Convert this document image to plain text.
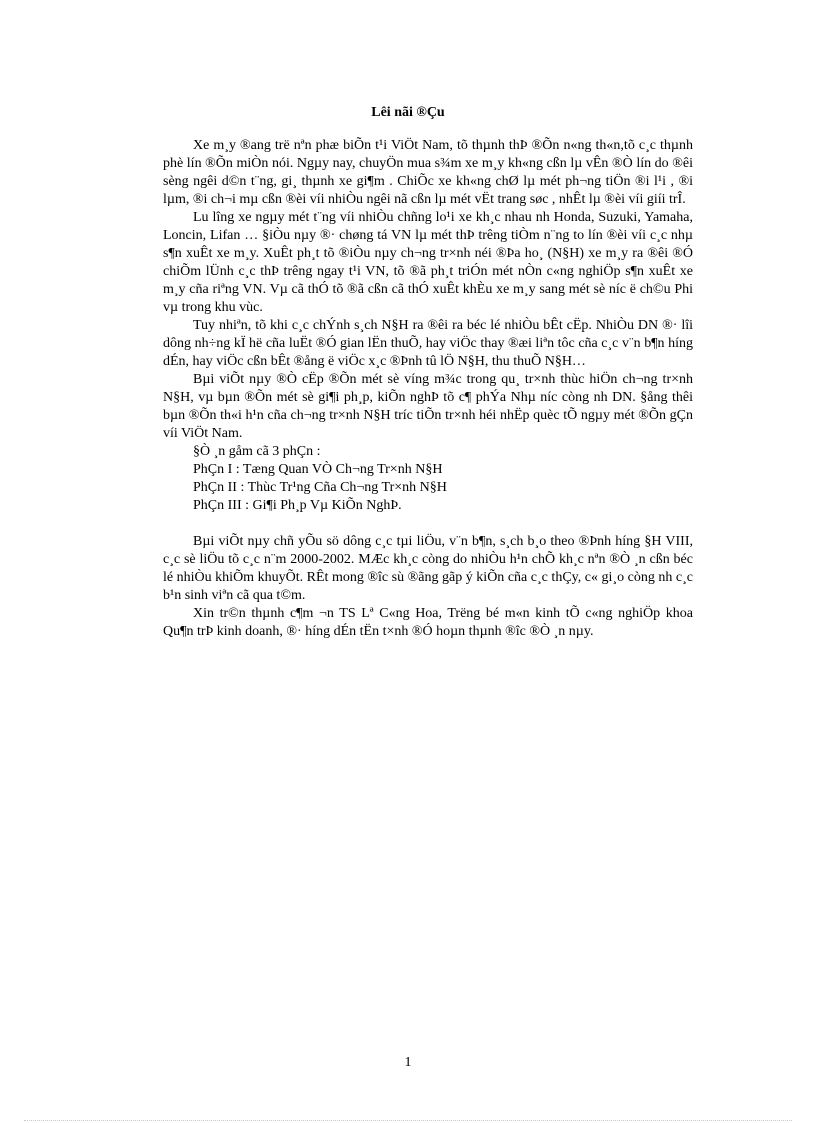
Lêi nãi ®Çu

Xe m¸y ®ang trë nªn phæ biÕn t¹i ViÖt Nam, tõ thµnh thÞ ®Õn n«ng th«n,tõ c¸c thµnh phè lín ®Õn miÒn nói. Ngµy nay, chuyÖn mua s¾m xe m¸y kh«ng cßn lµ vÊn ®Ò lín do ®êi sèng ngêi d©n t¨ng, gi¸ thµnh xe gi¶m . ChiÕc xe kh«ng chØ lµ mét ph¬ng tiÖn ®i l¹i , ®i lµm, ®i ch¬i mµ cßn ®èi víi nhiÒu ngêi nã cßn lµ mét vËt trang søc , nhÊt lµ ®èi víi giíi trÎ.

Lu lîng xe ngµy mét t¨ng víi nhiÒu chñng lo¹i xe kh¸c nhau nh Honda, Suzuki, Yamaha, Loncin, Lifan … §iÒu nµy ®· chøng tá VN lµ mét thÞ trêng tiÒm n¨ng to lín ®èi víi c¸c nhµ s¶n xuÊt xe m¸y. XuÊt ph¸t tõ ®iÒu nµy ch¬ng tr×nh néi ®Þa ho¸ (N§H) xe m¸y ra ®êi ®Ó chiÕm lÜnh c¸c thÞ trêng ngay t¹i VN, tõ ®ã ph¸t triÓn mét nÒn c«ng nghiÖp s¶n xuÊt xe m¸y cña riªng VN. Vµ cã thÓ tõ ®ã cßn cã thÓ xuÊt khÈu xe m¸y sang mét sè níc ë ch©u Phi vµ trong khu vùc.

Tuy nhiªn, tõ khi c¸c chÝnh s¸ch N§H ra ®êi ra béc lé nhiÒu bÊt cËp. NhiÒu DN ®· lîi dông nh÷ng kÏ hë cña luËt ®Ó gian lËn thuÕ, hay viÖc thay ®æi liªn tôc cña c¸c v¨n b¶n híng dÉn, hay viÖc cßn bÊt ®ång ë viÖc x¸c ®Þnh tû lÖ N§H, thu thuÕ N§H…

Bµi viÕt nµy ®Ò cËp ®Õn mét sè víng m¾c trong qu¸ tr×nh thùc hiÖn ch¬ng tr×nh N§H, vµ bµn ®Õn mét sè gi¶i ph¸p, kiÕn nghÞ tõ c¶ phÝa Nhµ níc còng nh DN. §ång thêi bµn ®Õn th«i h¹n cña ch¬ng tr×nh N§H tríc tiÕn tr×nh héi nhËp quèc tÕ ngµy mét ®Õn gÇn víi ViÖt Nam.

§Ò ¸n gåm cã 3 phÇn :

PhÇn I : Tæng Quan VÒ Ch¬ng Tr×nh N§H

PhÇn II : Thùc Tr¹ng Cña Ch¬ng Tr×nh N§H

PhÇn III : Gi¶i Ph¸p Vµ KiÕn NghÞ.

Bµi viÕt nµy chñ yÕu sö dông c¸c tµi liÖu, v¨n b¶n, s¸ch b¸o theo ®Þnh híng §H VIII, c¸c sè liÖu tõ c¸c n¨m 2000-2002. MÆc kh¸c còng do nhiÒu h¹n chÕ kh¸c nªn ®Ò ¸n cßn béc lé nhiÒu khiÕm khuyÕt. RÊt mong ®îc sù ®ãng gãp ý kiÕn cña c¸c thÇy, c« gi¸o còng nh c¸c b¹n sinh viªn cã qua t©m.

Xin tr©n thµnh c¶m ¬n TS Lª C«ng Hoa, Trëng bé m«n kinh tÕ c«ng nghiÖp khoa Qu¶n trÞ kinh doanh, ®· híng dÉn tËn t×nh ®Ó hoµn thµnh ®îc ®Ò ¸n nµy.

1
